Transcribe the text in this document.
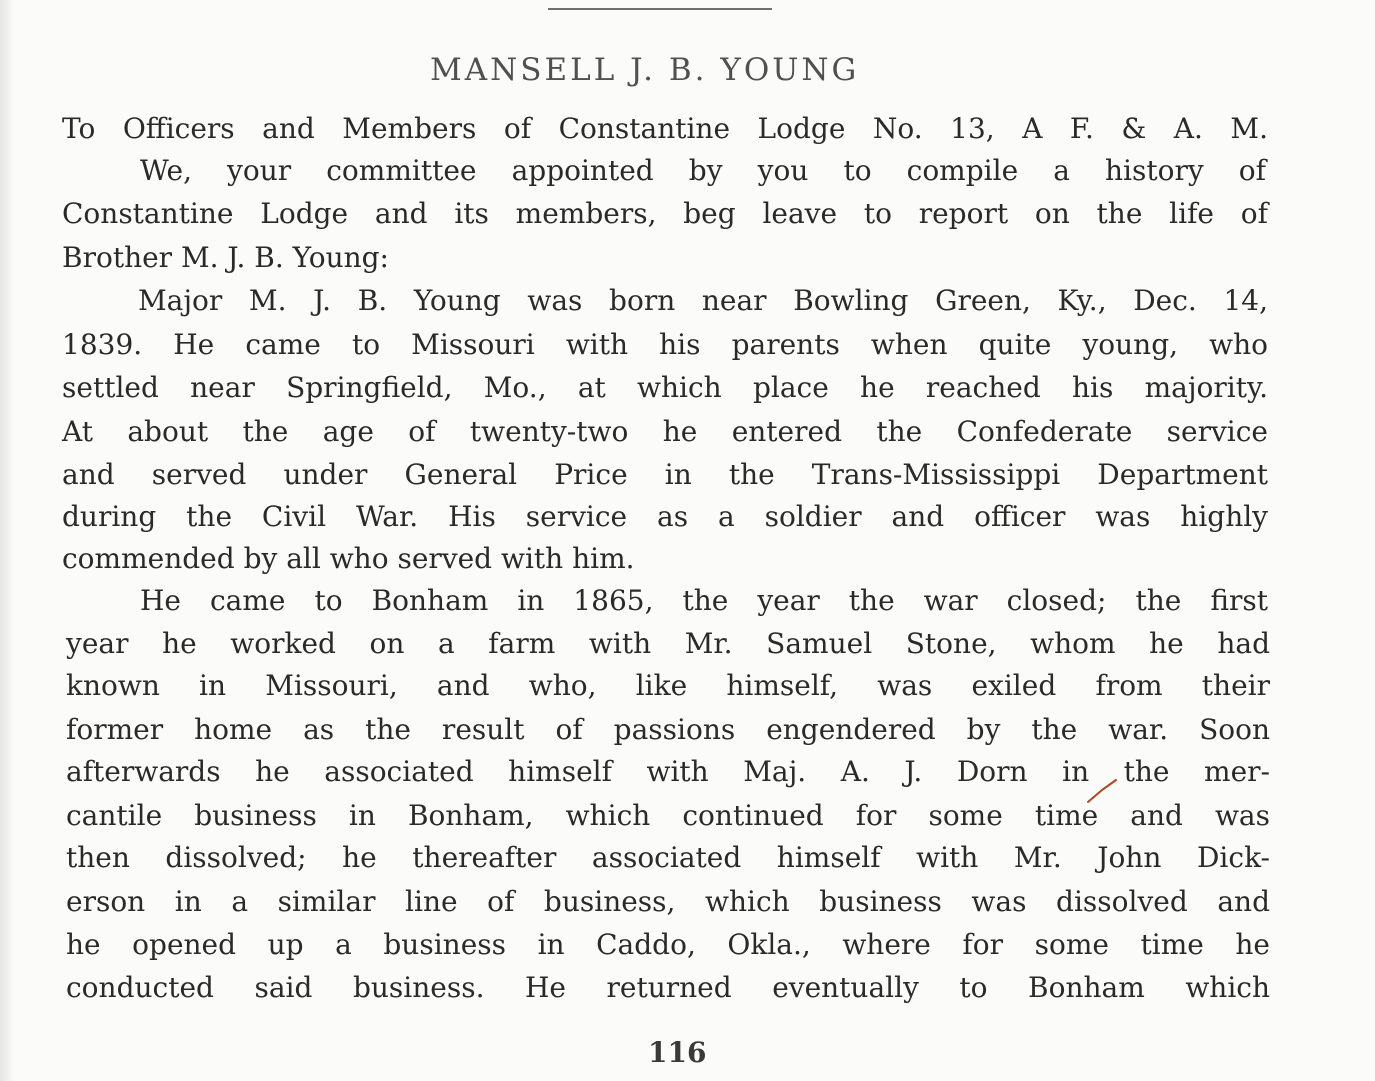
MANSELL J. B. YOUNG
To Officers and Members of Constantine Lodge No. 13, A F. & A. M.
We, your committee appointed by you to compile a history of
Constantine Lodge and its members, beg leave to report on the life of
Brother M. J. B. Young:
Major M. J. B. Young was born near Bowling Green, Ky., Dec. 14,
1839. He came to Missouri with his parents when quite young, who
settled near Springfield, Mo., at which place he reached his majority.
At about the age of twenty-two he entered the Confederate service
and served under General Price in the Trans-Mississippi Department
during the Civil War. His service as a soldier and officer was highly
commended by all who served with him.
He came to Bonham in 1865, the year the war closed; the first
year he worked on a farm with Mr. Samuel Stone, whom he had
known in Missouri, and who, like himself, was exiled from their
former home as the result of passions engendered by the war. Soon
afterwards he associated himself with Maj. A. J. Dorn in the mer-
cantile business in Bonham, which continued for some time and was
then dissolved; he thereafter associated himself with Mr. John Dick-
erson in a similar line of business, which business was dissolved and
he opened up a business in Caddo, Okla., where for some time he
conducted said business. He returned eventually to Bonham which
116
